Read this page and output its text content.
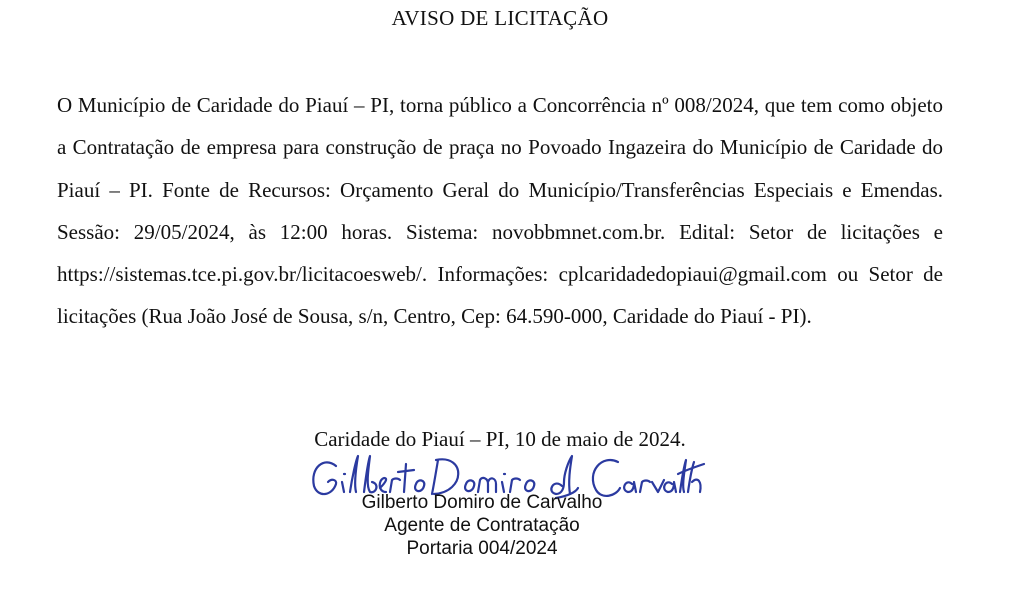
AVISO DE LICITAÇÃO
O Município de Caridade do Piauí – PI, torna público a Concorrência nº 008/2024, que tem como objeto a Contratação de empresa para construção de praça no Povoado Ingazeira do Município de Caridade do Piauí – PI. Fonte de Recursos: Orçamento Geral do Município/Transferências Especiais e Emendas. Sessão: 29/05/2024, às 12:00 horas. Sistema: novobbmnet.com.br. Edital: Setor de licitações e https://sistemas.tce.pi.gov.br/licitacoesweb/. Informações: cplcaridadedopiaui@gmail.com ou Setor de licitações (Rua João José de Sousa, s/n, Centro, Cep: 64.590-000, Caridade do Piauí - PI).
Caridade do Piauí – PI, 10 de maio de 2024.
Gilberto Domiro de Carvalho
Agente de Contratação
Portaria 004/2024
